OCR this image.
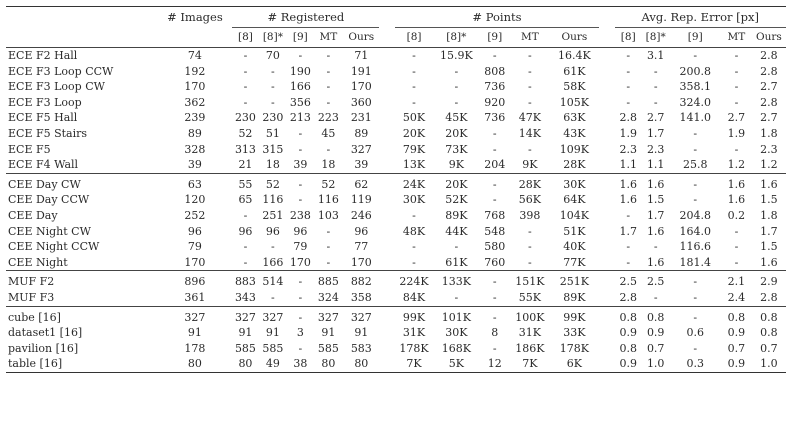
	# Images	# Registered						# Points						Avg. Rep. Error [px]				
		[8]	[8]*	[9]	MT	Ours		[8]	[8]*	[9]	MT	Ours		[8]	[8]*	[9]	MT	Ours
ECE F2 Hall	74	-	70	-	-	71		-	15.9K	-	-	16.4K		-	3.1	-	-	2.8
ECE F3 Loop CCW	192	-	-	190	-	191		-	-	808	-	61K		-	-	200.8	-	2.8
ECE F3 Loop CW	170	-	-	166	-	170		-	-	736	-	58K		-	-	358.1	-	2.7
ECE F3 Loop	362	-	-	356	-	360		-	-	920	-	105K		-	-	324.0	-	2.8
ECE F5 Hall	239	230	230	213	223	231		50K	45K	736	47K	63K		2.8	2.7	141.0	2.7	2.7
ECE F5 Stairs	89	52	51	-	45	89		20K	20K	-	14K	43K		1.9	1.7	-	1.9	1.8
ECE F5	328	313	315	-	-	327		79K	73K	-	-	109K		2.3	2.3	-	-	2.3
ECE F4 Wall	39	21	18	39	18	39		13K	9K	204	9K	28K		1.1	1.1	25.8	1.2	1.2
CEE Day CW	63	55	52	-	52	62		24K	20K	-	28K	30K		1.6	1.6	-	1.6	1.6
CEE Day CCW	120	65	116	-	116	119		30K	52K	-	56K	64K		1.6	1.5	-	1.6	1.5
CEE Day	252	-	251	238	103	246		-	89K	768	398	104K		-	1.7	204.8	0.2	1.8
CEE Night CW	96	96	96	96	-	96		48K	44K	548	-	51K		1.7	1.6	164.0	-	1.7
CEE Night CCW	79	-	-	79	-	77		-	-	580	-	40K		-	-	116.6	-	1.5
CEE Night	170	-	166	170	-	170		-	61K	760	-	77K		-	1.6	181.4	-	1.6
MUF F2	896	883	514	-	885	882		224K	133K	-	151K	251K		2.5	2.5	-	2.1	2.9
MUF F3	361	343	-	-	324	358		84K	-	-	55K	89K		2.8	-	-	2.4	2.8
cube [16]	327	327	327	-	327	327		99K	101K	-	100K	99K		0.8	0.8	-	0.8	0.8
dataset1 [16]	91	91	91	3	91	91		31K	30K	8	31K	33K		0.9	0.9	0.6	0.9	0.8
pavilion [16]	178	585	585	-	585	583		178K	168K	-	186K	178K		0.8	0.7	-	0.7	0.7
table [16]	80	80	49	38	80	80		7K	5K	12	7K	6K		0.9	1.0	0.3	0.9	1.0
